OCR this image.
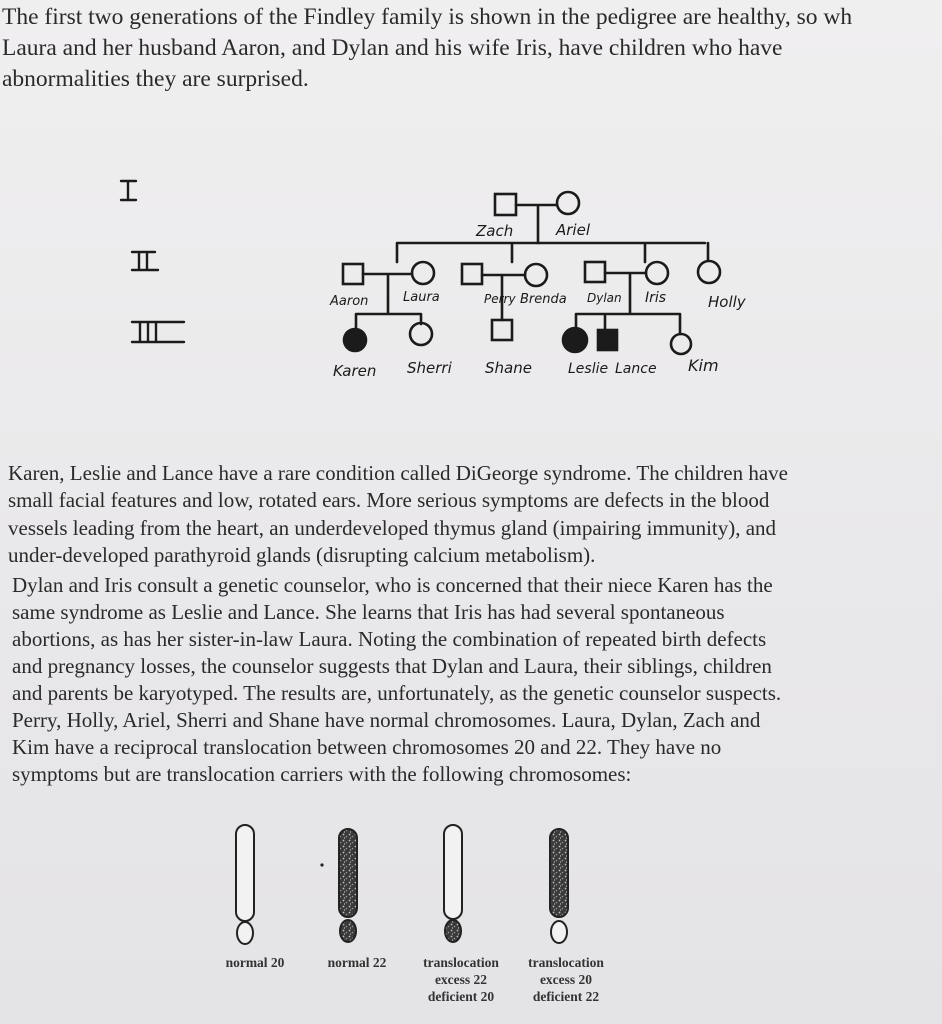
The first two generations of the Findley family is shown in the pedigree are healthy, so wh
Laura and her husband Aaron, and Dylan and his wife Iris, have children who have
abnormalities they are surprised.

Zach	Ariel
Aaron	Laura	Perry Brenda Dylan Iris	Holly
Karen Sherri Shane	Leslie Lance Kim

Karen, Leslie and Lance have a rare condition called DiGeorge syndrome. The children have
small facial features and low, rotated ears. More serious symptoms are defects in the blood
vessels leading from the heart, an underdeveloped thymus gland (impairing immunity), and
under-developed parathyroid glands (disrupting calcium metabolism).

Dylan and Iris consult a genetic counselor, who is concerned that their niece Karen has the
same syndrome as Leslie and Lance. She learns that Iris has had several spontaneous
abortions, as has her sister-in-law Laura. Noting the combination of repeated birth defects
and pregnancy losses, the counselor suggests that Dylan and Laura, their siblings, children
and parents be karyotyped. The results are, unfortunately, as the genetic counselor suspects.
Perry, Holly, Ariel, Sherri and Shane have normal chromosomes. Laura, Dylan, Zach and
Kim have a reciprocal translocation between chromosomes 20 and 22. They have no
symptoms but are translocation carriers with the following chromosomes:

normal 20	normal 22	translocation
excess 22
deficient 20
translocation
excess 20
deficient 22
